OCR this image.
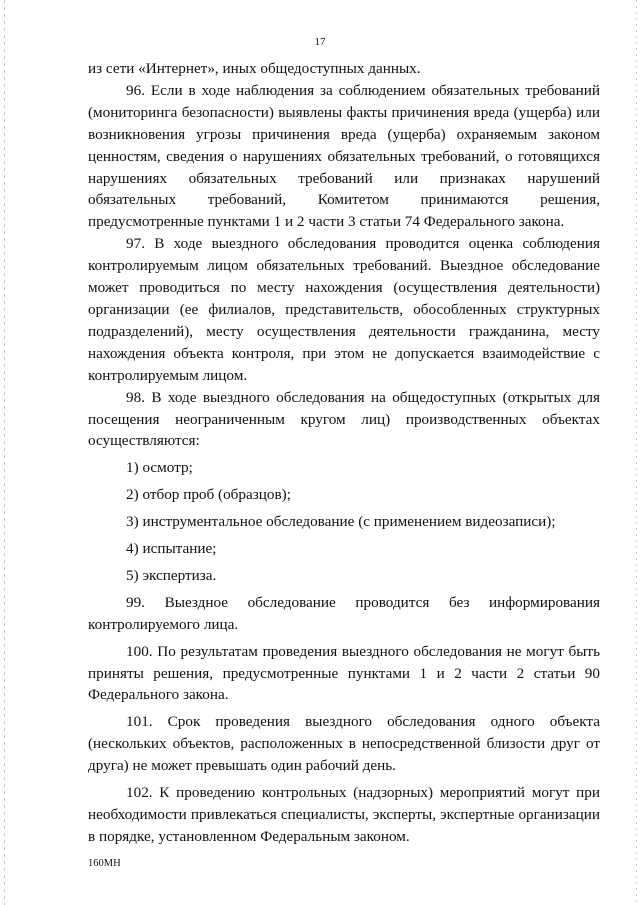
17

из сети «Интернет», иных общедоступных данных.

96. Если в ходе наблюдения за соблюдением обязательных требований (мониторинга безопасности) выявлены факты причинения вреда (ущерба) или возникновения угрозы причинения вреда (ущерба) охраняемым законом ценностям, сведения о нарушениях обязательных требований, о готовящихся нарушениях обязательных требований или признаках нарушений обязательных требований, Комитетом принимаются решения, предусмотренные пунктами 1 и 2 части 3 статьи 74 Федерального закона.

97. В ходе выездного обследования проводится оценка соблюдения контролируемым лицом обязательных требований. Выездное обследование может проводиться по месту нахождения (осуществления деятельности) организации (ее филиалов, представительств, обособленных структурных подразделений), месту осуществления деятельности гражданина, месту нахождения объекта контроля, при этом не допускается взаимодействие с контролируемым лицом.

98. В ходе выездного обследования на общедоступных (открытых для посещения неограниченным кругом лиц) производственных объектах осуществляются:

1) осмотр;

2) отбор проб (образцов);

3) инструментальное обследование (с применением видеозаписи);

4) испытание;

5) экспертиза.

99. Выездное обследование проводится без информирования контролируемого лица.

100. По результатам проведения выездного обследования не могут быть приняты решения, предусмотренные пунктами 1 и 2 части 2 статьи 90 Федерального закона.

101. Срок проведения выездного обследования одного объекта (нескольких объектов, расположенных в непосредственной близости друг от друга) не может превышать один рабочий день.

102. К проведению контрольных (надзорных) мероприятий могут при необходимости привлекаться специалисты, эксперты, экспертные организации в порядке, установленном Федеральным законом.

160МН
